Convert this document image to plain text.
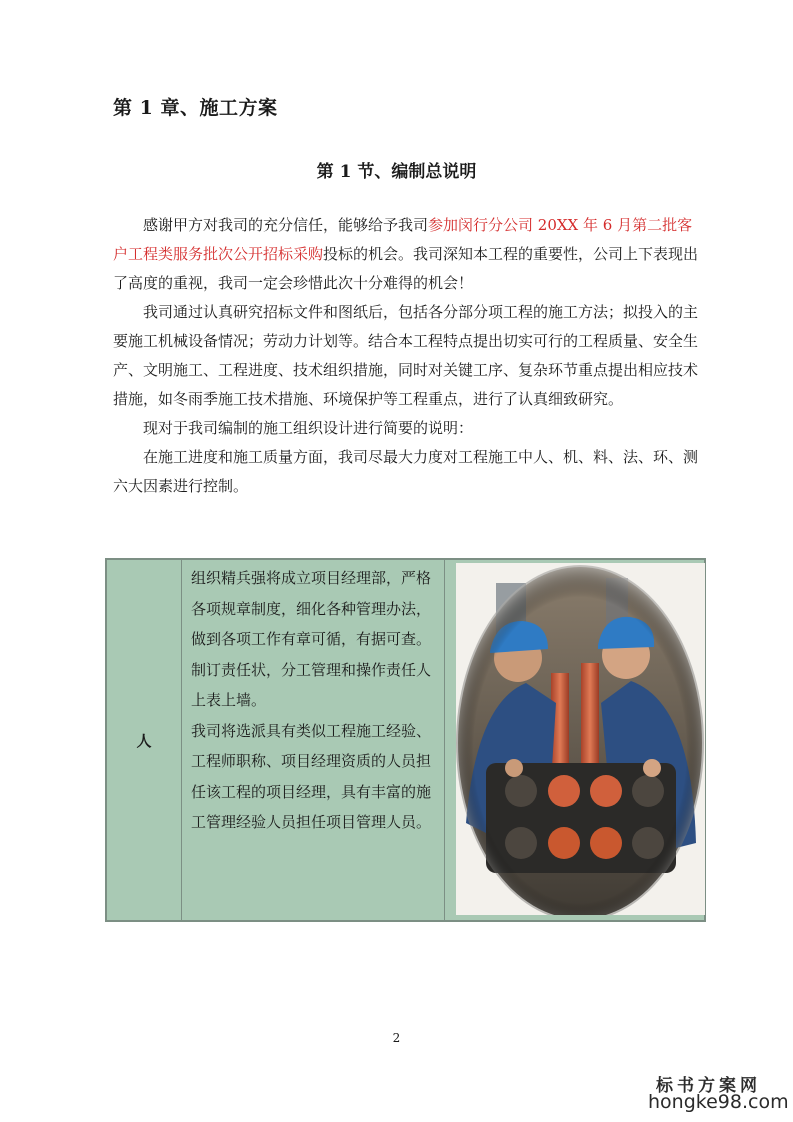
第 1 章、施工方案
第 1 节、编制总说明

感谢甲方对我司的充分信任，能够给予我司参加闵行分公司 20XX 年 6 月第二批客户工程类服务批次公开招标采购投标的机会。我司深知本工程的重要性，公司上下表现出了高度的重视，我司一定会珍惜此次十分难得的机会！

我司通过认真研究招标文件和图纸后，包括各分部分项工程的施工方法；拟投入的主要施工机械设备情况；劳动力计划等。结合本工程特点提出切实可行的工程质量、安全生产、文明施工、工程进度、技术组织措施，同时对关键工序、复杂环节重点提出相应技术措施，如冬雨季施工技术措施、环境保护等工程重点，进行了认真细致研究。

现对于我司编制的施工组织设计进行简要的说明：

在施工进度和施工质量方面，我司尽最大力度对工程施工中人、机、料、法、环、测六大因素进行控制。

人

组织精兵强将成立项目经理部，严格各项规章制度，细化各种管理办法，做到各项工作有章可循，有据可查。制订责任状，分工管理和操作责任人上表上墙。

我司将选派具有类似工程施工经验、工程师职称、项目经理资质的人员担任该工程的项目经理，具有丰富的施工管理经验人员担任项目管理人员。

2
标书方案网
hongke98.com
